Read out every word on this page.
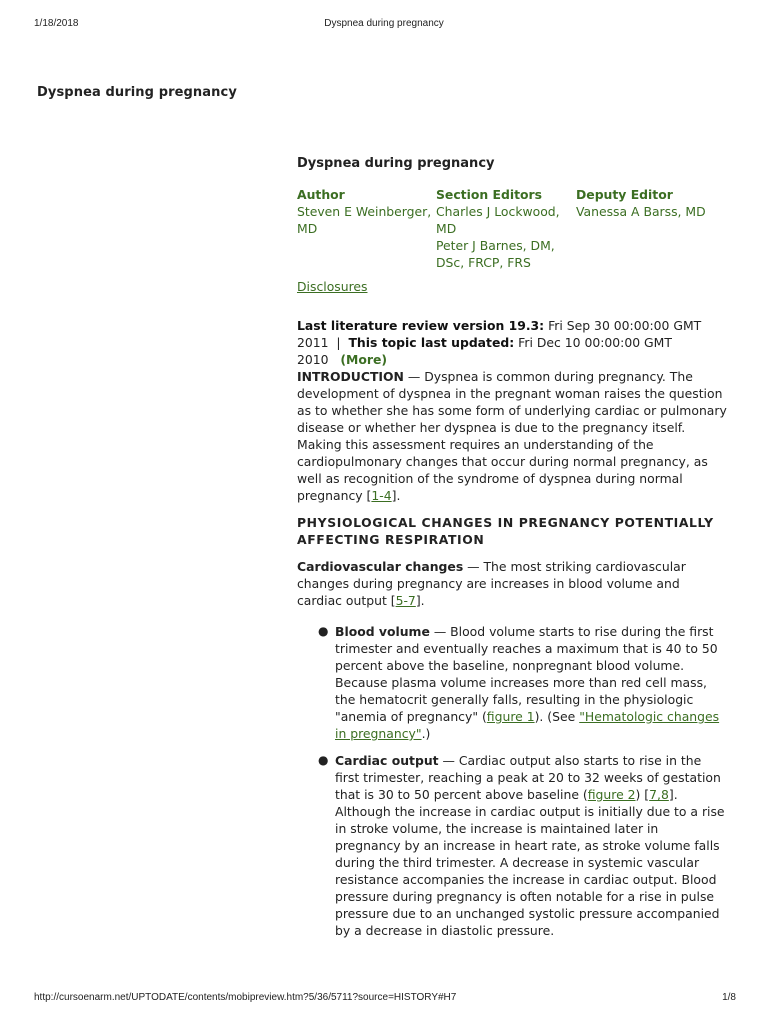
1/18/2018	Dyspnea during pregnancy
Dyspnea during pregnancy
Dyspnea during pregnancy
Author
Steven E Weinberger,
MD
Section Editors
Charles J Lockwood,
MD
Peter J Barnes, DM,
DSc, FRCP, FRS
Deputy Editor
Vanessa A Barss, MD
Disclosures
Last literature review version 19.3: Fri Sep 30 00:00:00 GMT 2011  |  This topic last updated: Fri Dec 10 00:00:00 GMT 2010 (More)

INTRODUCTION — Dyspnea is common during pregnancy. The development of dyspnea in the pregnant woman raises the question as to whether she has some form of underlying cardiac or pulmonary disease or whether her dyspnea is due to the pregnancy itself. Making this assessment requires an understanding of the cardiopulmonary changes that occur during normal pregnancy, as well as recognition of the syndrome of dyspnea during normal pregnancy [1-4].

PHYSIOLOGICAL CHANGES IN PREGNANCY POTENTIALLY AFFECTING RESPIRATION

Cardiovascular changes — The most striking cardiovascular changes during pregnancy are increases in blood volume and cardiac output [5-7].

● Blood volume — Blood volume starts to rise during the first trimester and eventually reaches a maximum that is 40 to 50 percent above the baseline, nonpregnant blood volume. Because plasma volume increases more than red cell mass, the hematocrit generally falls, resulting in the physiologic "anemia of pregnancy" (figure 1). (See "Hematologic changes in pregnancy".)
● Cardiac output — Cardiac output also starts to rise in the first trimester, reaching a peak at 20 to 32 weeks of gestation that is 30 to 50 percent above baseline (figure 2) [7,8]. Although the increase in cardiac output is initially due to a rise in stroke volume, the increase is maintained later in pregnancy by an increase in heart rate, as stroke volume falls during the third trimester. A decrease in systemic vascular resistance accompanies the increase in cardiac output. Blood pressure during pregnancy is often notable for a rise in pulse pressure due to an unchanged systolic pressure accompanied by a decrease in diastolic pressure.
http://cursoenarm.net/UPTODATE/contents/mobipreview.htm?5/36/5711?source=HISTORY#H7	1/8
